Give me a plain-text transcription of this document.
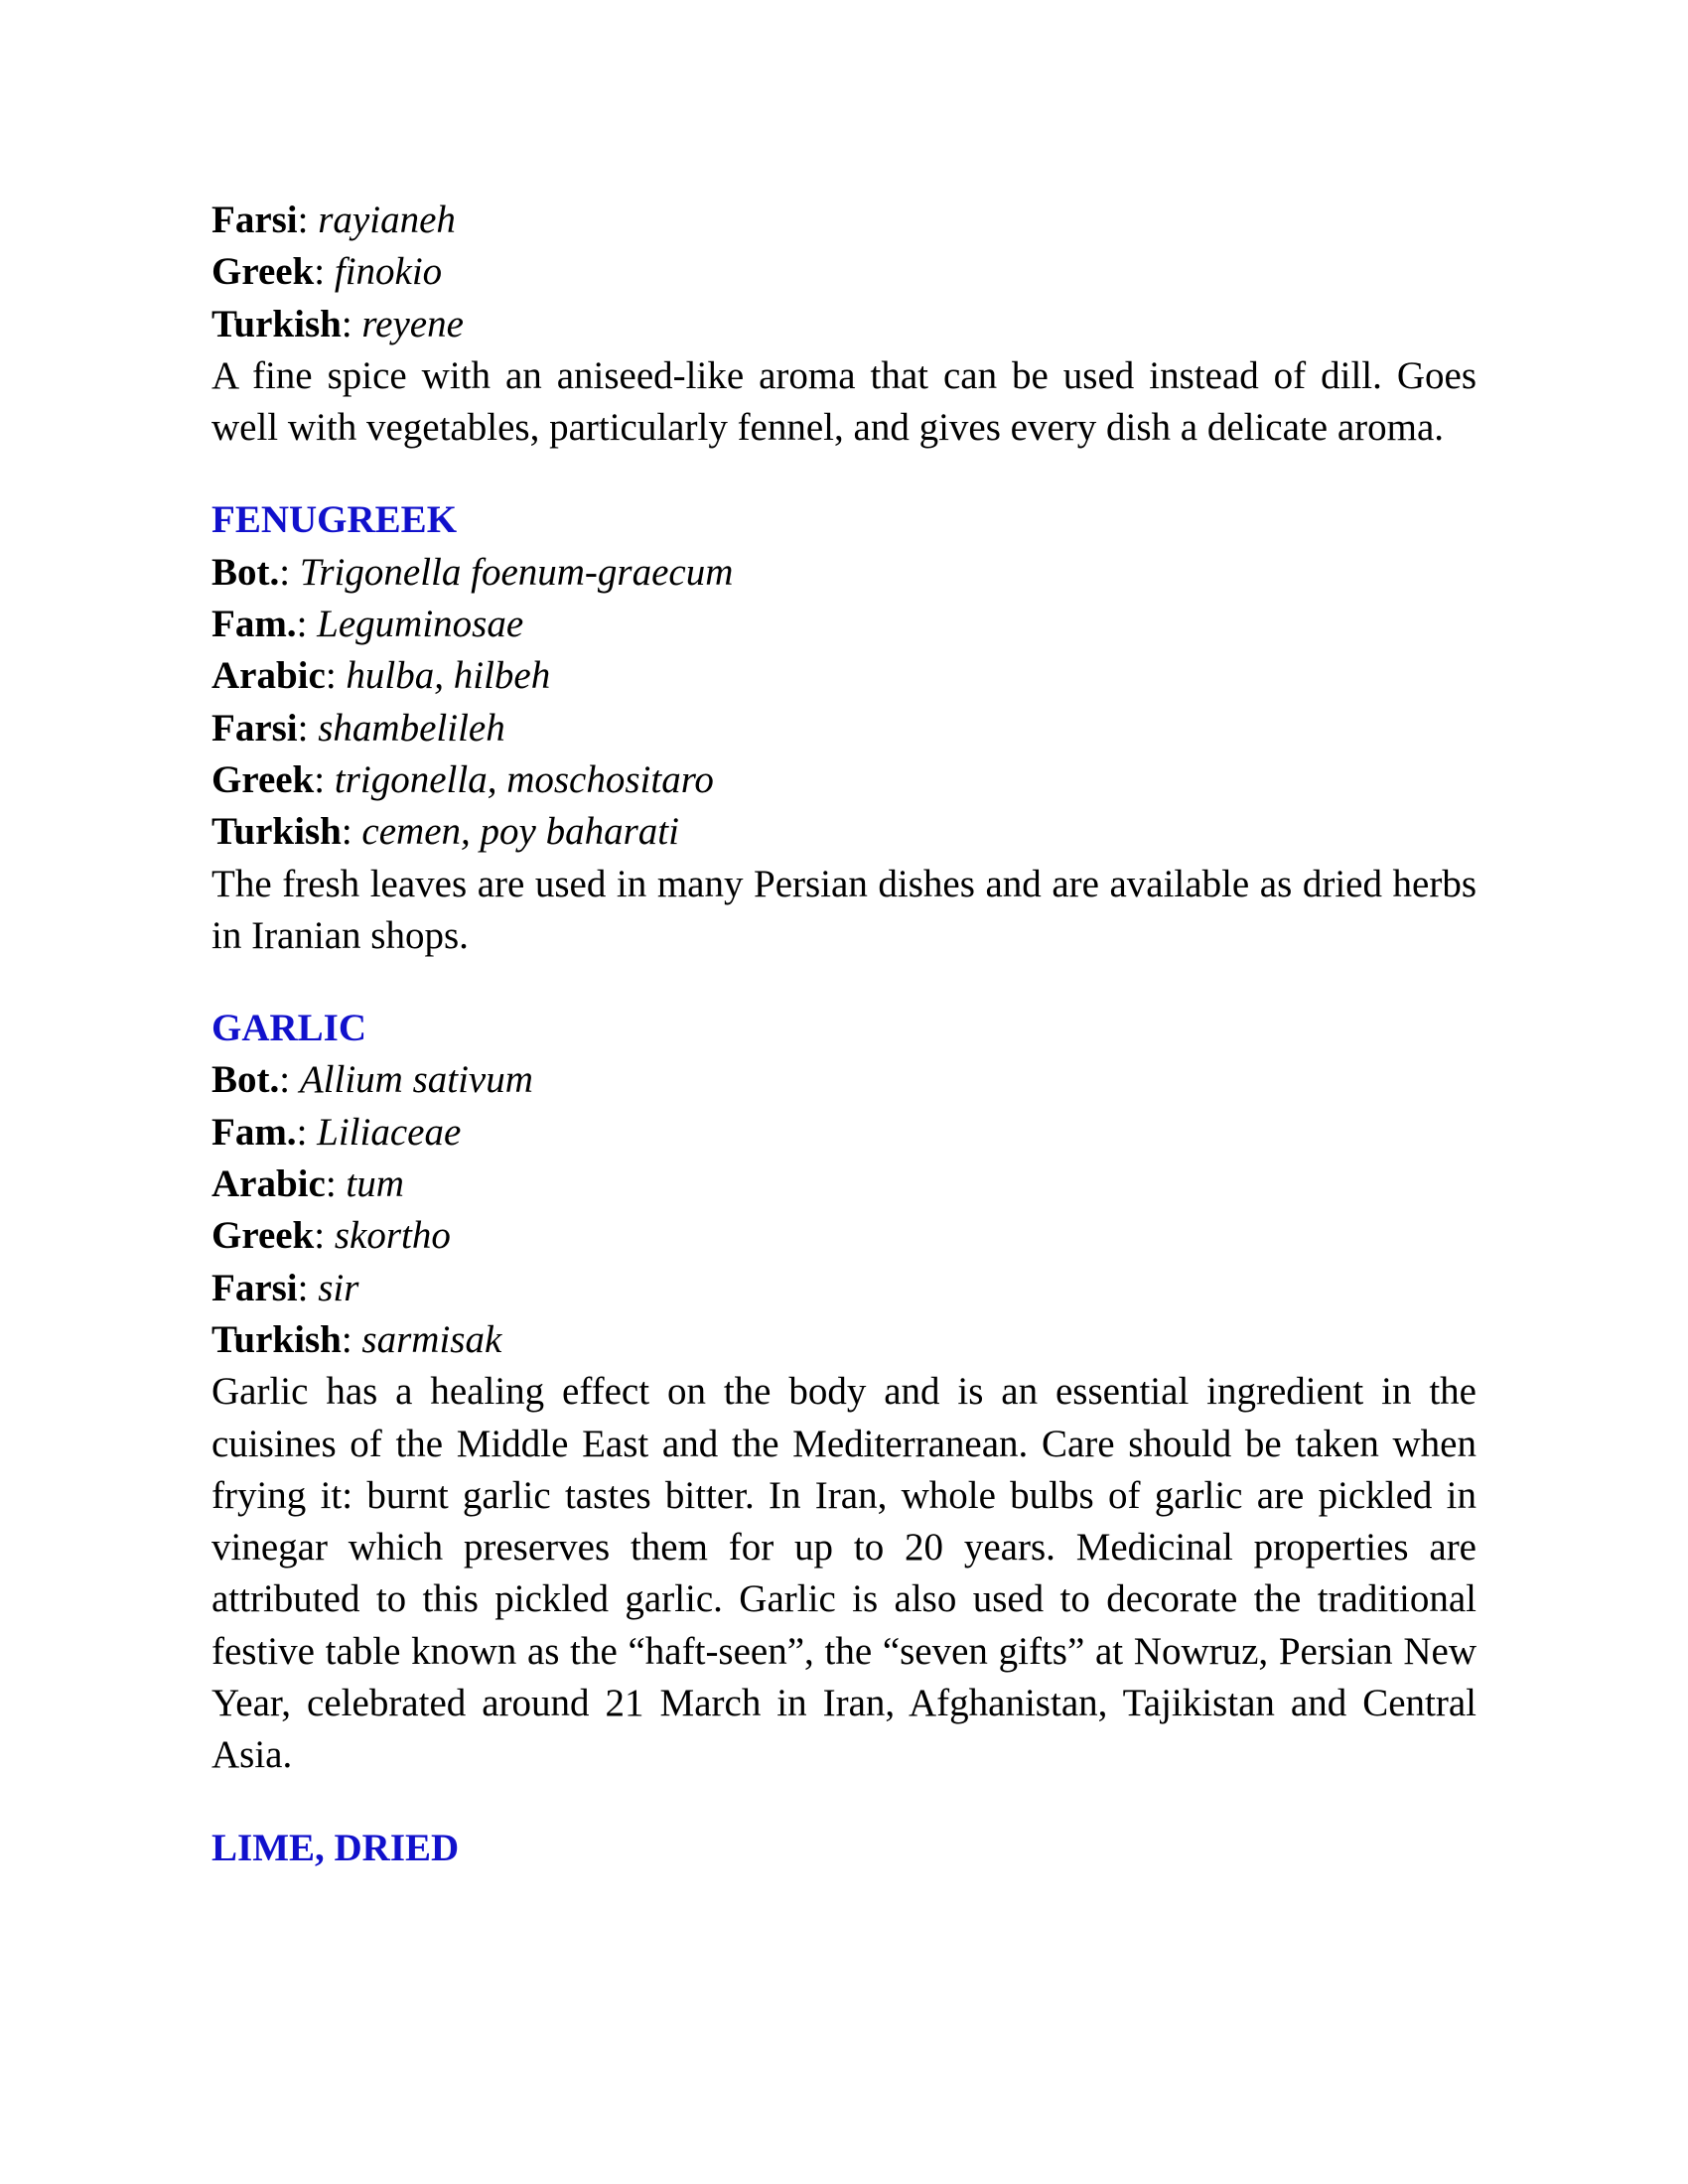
Farsi: rayianeh

Greek: finokio

Turkish: reyene

A fine spice with an aniseed-like aroma that can be used instead of dill. Goes well with vegetables, particularly fennel, and gives every dish a delicate aroma.

FENUGREEK

Bot.: Trigonella foenum-graecum

Fam.: Leguminosae

Arabic: hulba, hilbeh

Farsi: shambelileh

Greek: trigonella, moschositaro

Turkish: cemen, poy baharati

The fresh leaves are used in many Persian dishes and are available as dried herbs in Iranian shops.

GARLIC

Bot.: Allium sativum

Fam.: Liliaceae

Arabic: tum

Greek: skortho

Farsi: sir

Turkish: sarmisak

Garlic has a healing effect on the body and is an essential ingredient in the cuisines of the Middle East and the Mediterranean. Care should be taken when frying it: burnt garlic tastes bitter. In Iran, whole bulbs of garlic are pickled in vinegar which preserves them for up to 20 years. Medicinal properties are attributed to this pickled garlic. Garlic is also used to decorate the traditional festive table known as the “haft-seen”, the “seven gifts” at Nowruz, Persian New Year, celebrated around 21 March in Iran, Afghanistan, Tajikistan and Central Asia.

LIME, DRIED
